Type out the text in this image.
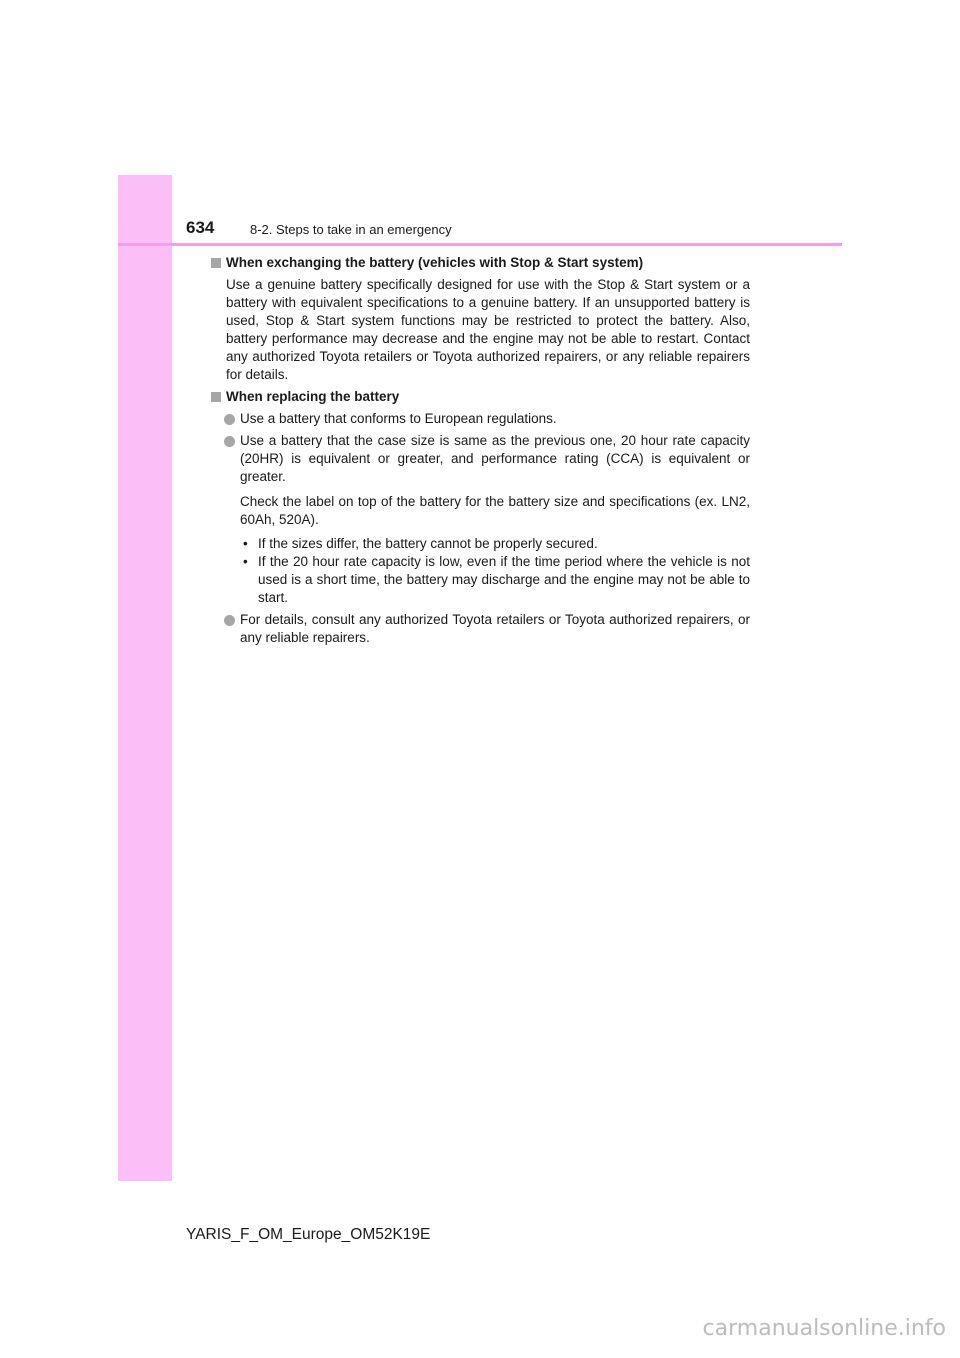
634	8-2. Steps to take in an emergency
When exchanging the battery (vehicles with Stop & Start system)
Use a genuine battery specifically designed for use with the Stop & Start system or a battery with equivalent specifications to a genuine battery. If an unsupported battery is used, Stop & Start system functions may be restricted to protect the battery. Also, battery performance may decrease and the engine may not be able to restart. Contact any authorized Toyota retailers or Toyota authorized repairers, or any reliable repairers for details.
When replacing the battery
Use a battery that conforms to European regulations.
Use a battery that the case size is same as the previous one, 20 hour rate capacity (20HR) is equivalent or greater, and performance rating (CCA) is equivalent or greater.
Check the label on top of the battery for the battery size and specifications (ex. LN2, 60Ah, 520A).
• If the sizes differ, the battery cannot be properly secured.
• If the 20 hour rate capacity is low, even if the time period where the vehicle is not used is a short time, the battery may discharge and the engine may not be able to start.
For details, consult any authorized Toyota retailers or Toyota authorized repairers, or any reliable repairers.
YARIS_F_OM_Europe_OM52K19E
carmanualsonline.info
